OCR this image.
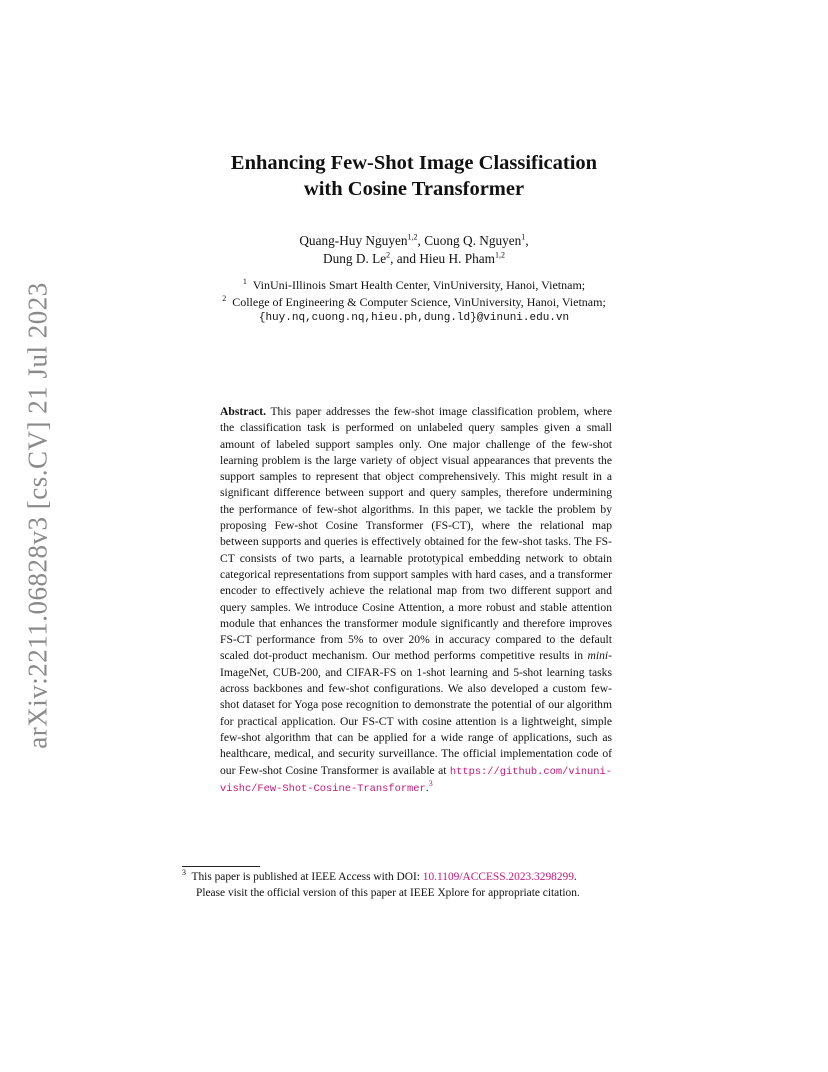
arXiv:2211.06828v3 [cs.CV] 21 Jul 2023
Enhancing Few-Shot Image Classification
with Cosine Transformer
Quang-Huy Nguyen$^{1,2}$, Cuong Q. Nguyen$^1$,
Dung D. Le$^2$, and Hieu H. Pham$^{1,2}$
$^1$ VinUni-Illinois Smart Health Center, VinUniversity, Hanoi, Vietnam;
$^2$ College of Engineering & Computer Science, VinUniversity, Hanoi, Vietnam;
{huy.nq,cuong.nq,hieu.ph,dung.ld}@vinuni.edu.vn
Abstract. This paper addresses the few-shot image classification problem, where the classification task is performed on unlabeled query samples given a small amount of labeled support samples only. One major challenge of the few-shot learning problem is the large variety of object visual appearances that prevents the support samples to represent that object comprehensively. This might result in a significant difference between support and query samples, therefore undermining the performance of few-shot algorithms. In this paper, we tackle the problem by proposing Few-shot Cosine Transformer (FS-CT), where the relational map between supports and queries is effectively obtained for the few-shot tasks. The FS-CT consists of two parts, a learnable prototypical embedding network to obtain categorical representations from support samples with hard cases, and a transformer encoder to effectively achieve the relational map from two different support and query samples. We introduce Cosine Attention, a more robust and stable attention module that enhances the transformer module significantly and therefore improves FS-CT performance from 5% to over 20% in accuracy compared to the default scaled dot-product mechanism. Our method performs competitive results in mini-ImageNet, CUB-200, and CIFAR-FS on 1-shot learning and 5-shot learning tasks across backbones and few-shot configurations. We also developed a custom few-shot dataset for Yoga pose recognition to demonstrate the potential of our algorithm for practical application. Our FS-CT with cosine attention is a lightweight, simple few-shot algorithm that can be applied for a wide range of applications, such as healthcare, medical, and security surveillance. The official implementation code of our Few-shot Cosine Transformer is available at https://github.com/vinuni-vishc/Few-Shot-Cosine-Transformer.$^3$
$^3$ This paper is published at IEEE Access with DOI: 10.1109/ACCESS.2023.3298299.
Please visit the official version of this paper at IEEE Xplore for appropriate citation.
